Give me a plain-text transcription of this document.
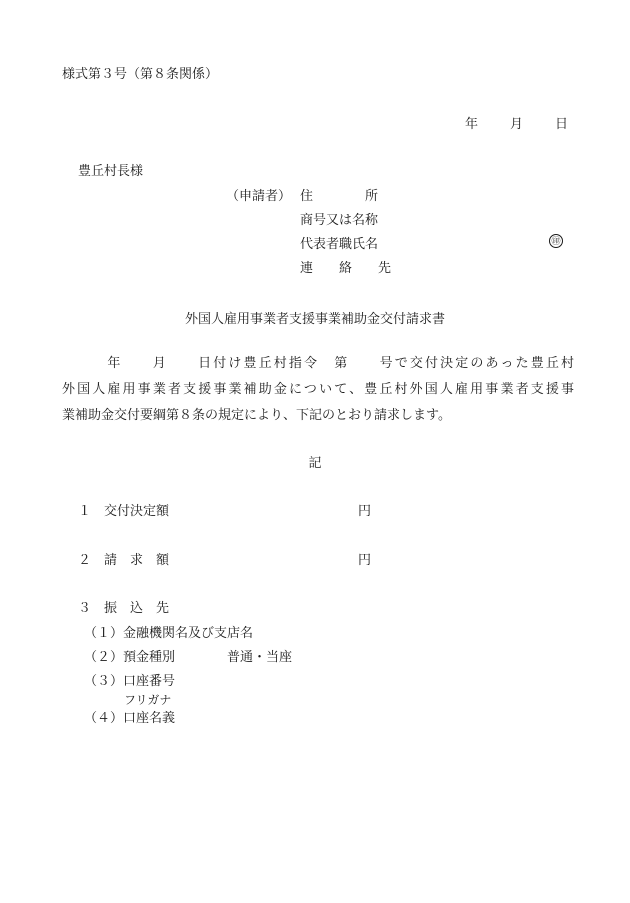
様式第３号（第８条関係）
年 月 日
豊丘村長様
（申請者） 住　　　　所
商号又は名称
代表者職氏名	㊞
連　　絡　　先
外国人雇用事業者支援事業補助金交付請求書
　　　年　　月　　日付け豊丘村指令　第　　号で交付決定のあった豊丘村
外国人雇用事業者支援事業補助金について、豊丘村外国人雇用事業者支援事
業補助金交付要綱第８条の規定により、下記のとおり請求します。
記
１　交付決定額	円
２　請　求　額	円
３　振　込　先
（１）金融機関名及び支店名
（２）預金種別	普通・当座
（３）口座番号
フリガナ
（４）口座名義
